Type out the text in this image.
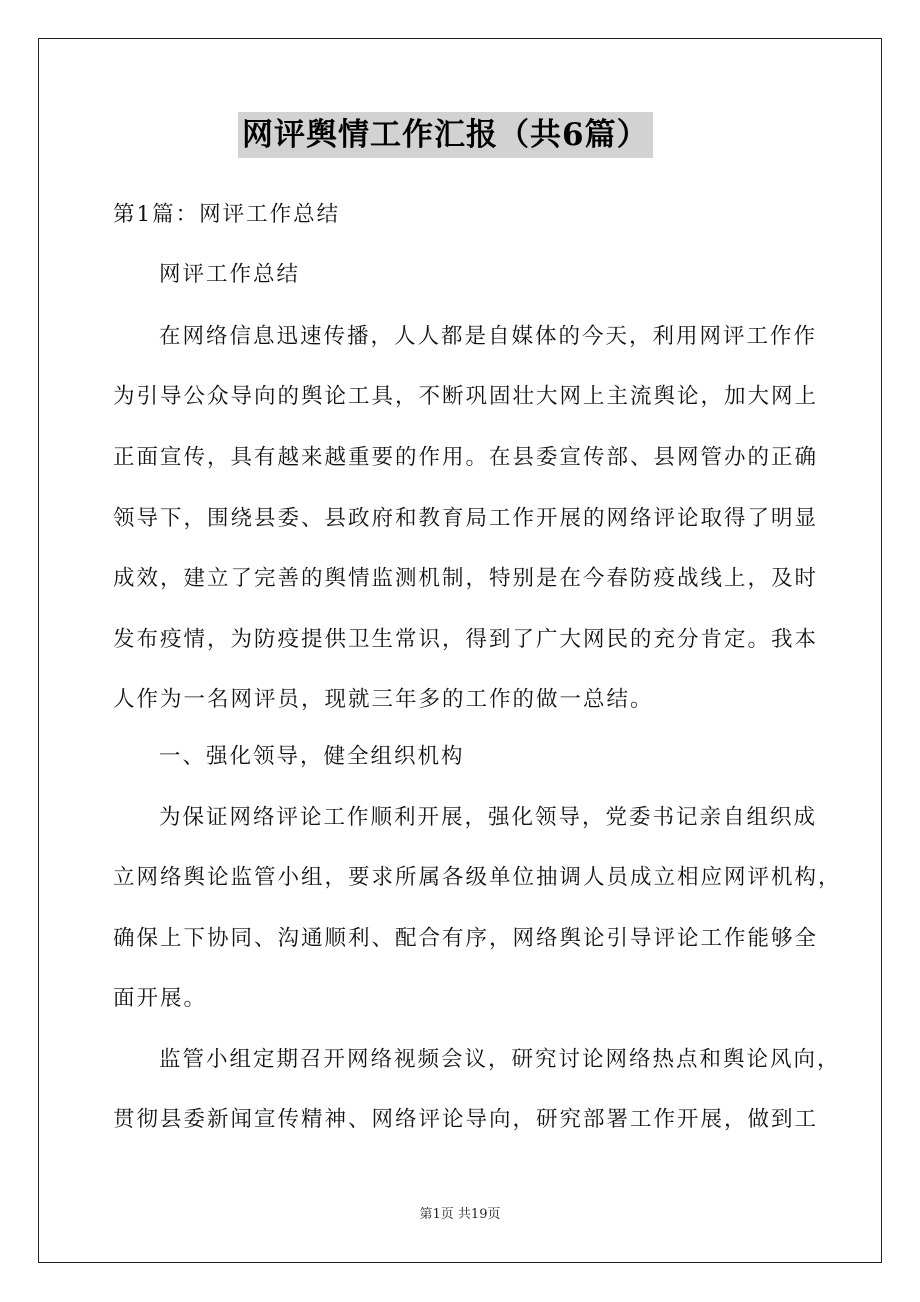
网评舆情工作汇报（共6篇）
第1篇：网评工作总结
网评工作总结
在网络信息迅速传播，人人都是自媒体的今天，利用网评工作作
为引导公众导向的舆论工具，不断巩固壮大网上主流舆论，加大网上
正面宣传，具有越来越重要的作用。在县委宣传部、县网管办的正确
领导下，围绕县委、县政府和教育局工作开展的网络评论取得了明显
成效，建立了完善的舆情监测机制，特别是在今春防疫战线上，及时
发布疫情，为防疫提供卫生常识，得到了广大网民的充分肯定。我本
人作为一名网评员，现就三年多的工作的做一总结。
一、强化领导，健全组织机构
为保证网络评论工作顺利开展，强化领导，党委书记亲自组织成
立网络舆论监管小组，要求所属各级单位抽调人员成立相应网评机构，
确保上下协同、沟通顺利、配合有序，网络舆论引导评论工作能够全
面开展。
监管小组定期召开网络视频会议，研究讨论网络热点和舆论风向，
贯彻县委新闻宣传精神、网络评论导向，研究部署工作开展，做到工
第1页 共19页
